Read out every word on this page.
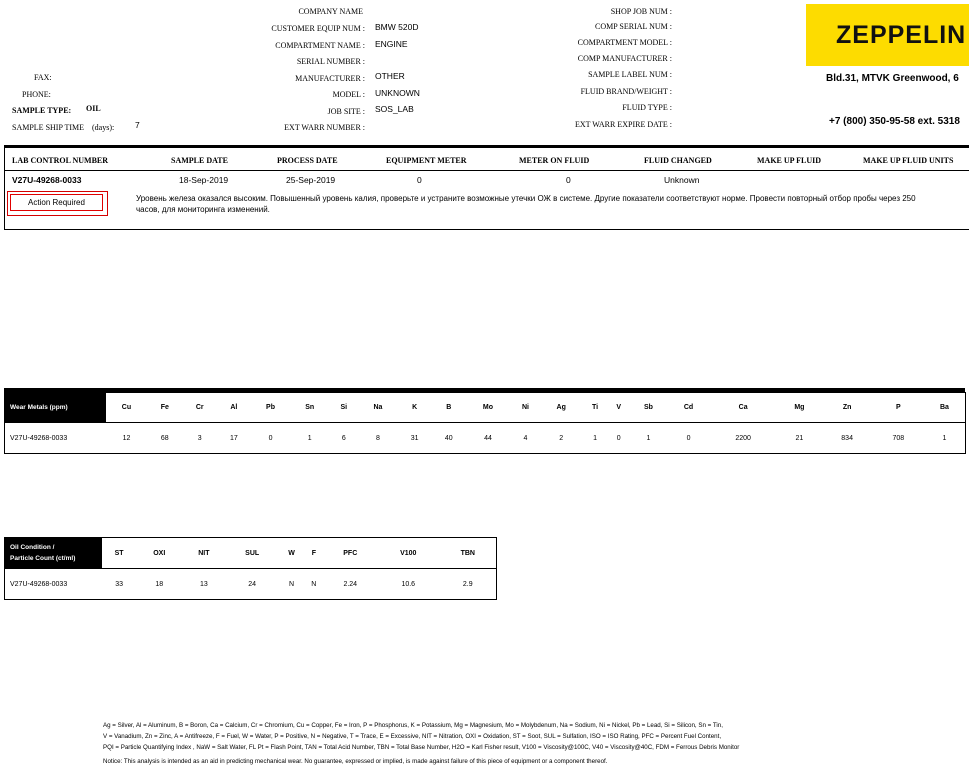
FAX:
PHONE:
SAMPLE TYPE: OIL
SAMPLE SHIP TIME (days): 7
COMPANY NAME
CUSTOMER EQUIP NUM : BMW 520D
COMPARTMENT NAME : ENGINE
SERIAL NUMBER :
MANUFACTURER : OTHER
MODEL : UNKNOWN
JOB SITE : SOS_LAB
EXT WARR NUMBER :
SHOP JOB NUM :
COMP SERIAL NUM :
COMPARTMENT MODEL :
COMP MANUFACTURER :
SAMPLE LABEL NUM :
FLUID BRAND/WEIGHT :
FLUID TYPE :
EXT WARR EXPIRE DATE :
ZEPPELIN
Bld.31, MTVK Greenwood, 6
+7 (800) 350-95-58 ext. 5318
LAB CONTROL NUMBER	SAMPLE DATE	PROCESS DATE	EQUIPMENT METER	METER ON FLUID	FLUID CHANGED	MAKE UP FLUID	MAKE UP FLUID UNITS
V27U-49268-0033	18-Sep-2019	25-Sep-2019	0	0	Unknown
Action Required	Уровень железа оказался высоким. Повышенный уровень калия, проверьте и устраните возможные утечки ОЖ в системе. Другие показатели соответствуют норме. Провести повторный отбор пробы через 250 часов, для мониторинга изменений.
Wear Metals (ppm)	Cu	Fe	Cr	Al	Pb	Sn	Si	Na	K	B	Mo	Ni	Ag	Ti	V	Sb	Cd	Ca	Mg	Zn	P	Ba
V27U-49268-0033	12	68	3	17	0	1	6	8	31	40	44	4	2	1	0	1	0	2200	21	834	708	1
Oil Condition /
Particle Count (ct/ml)	ST	OXI	NIT	SUL	W	F	PFC	V100	TBN
V27U-49268-0033	33	18	13	24	N	N	2.24	10.6	2.9
Ag = Silver, Al = Aluminum, B = Boron, Ca = Calcium, Cr = Chromium, Cu = Copper, Fe = Iron, P = Phosphorus, K = Potassium, Mg = Magnesium, Mo = Molybdenum, Na = Sodium, Ni = Nickel, Pb = Lead, Si = Silicon, Sn = Tin,
V = Vanadium, Zn = Zinc, A = Antifreeze, F = Fuel, W = Water, P = Positive, N = Negative, T = Trace, E = Excessive, NIT = Nitration, OXI = Oxidation, ST = Soot, SUL = Sulfation, ISO = ISO Rating, PFC = Percent Fuel Content,
PQI = Particle Quantifying Index , NaW = Salt Water, FL Pt = Flash Point, TAN = Total Acid Number, TBN = Total Base Number, H2O = Karl Fisher result, V100 = Viscosity@100C, V40 = Viscosity@40C, FDM = Ferrous Debris Monitor
Notice: This analysis is intended as an aid in predicting mechanical wear. No guarantee, expressed or implied, is made against failure of this piece of equipment or a component thereof.
